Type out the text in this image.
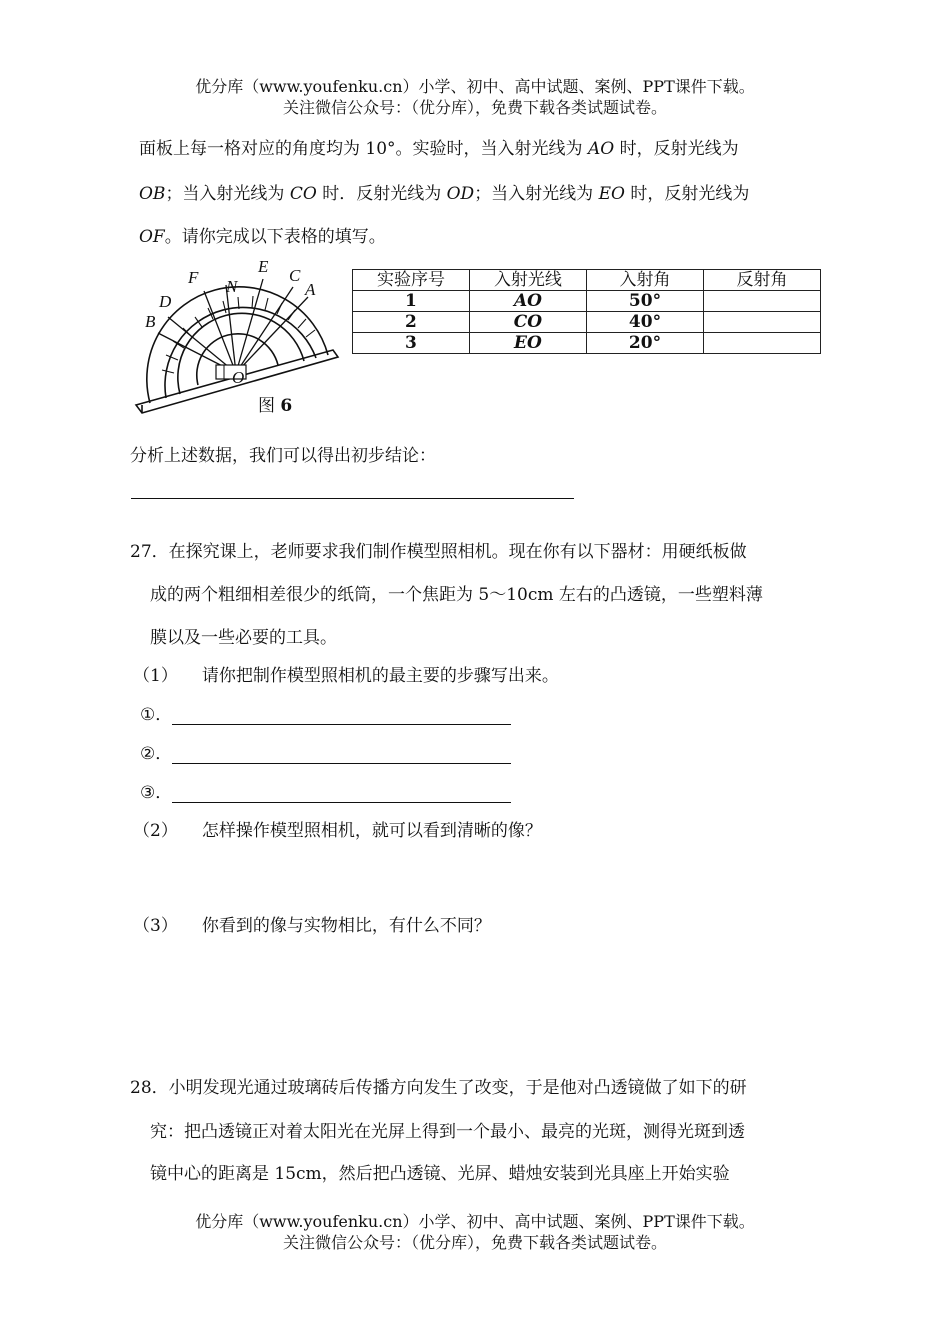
优分库（www.youfenku.cn）小学、初中、高中试题、案例、PPT课件下载。
关注微信公众号：（优分库），免费下载各类试题试卷。
面板上每一格对应的角度均为 10°。实验时，当入射光线为 AO 时，反射光线为
OB；当入射光线为 CO 时．反射光线为 OD；当入射光线为 EO 时，反射光线为
OF。请你完成以下表格的填写。
F
E C
D
N	A
B
O
图 6
实验序号	入射光线	入射角	反射角
1	AO	50°	
2	CO	40°	
3	EO	20°	
分析上述数据，我们可以得出初步结论：
27．在探究课上，老师要求我们制作模型照相机。现在你有以下器材：用硬纸板做
成的两个粗细相差很少的纸筒，一个焦距为 5～10cm 左右的凸透镜，一些塑料薄
膜以及一些必要的工具。
（1） 请你把制作模型照相机的最主要的步骤写出来。
①．
②．
③．
（2） 怎样操作模型照相机，就可以看到清晰的像？
（3） 你看到的像与实物相比，有什么不同？
28．小明发现光通过玻璃砖后传播方向发生了改变，于是他对凸透镜做了如下的研
究：把凸透镜正对着太阳光在光屏上得到一个最小、最亮的光斑，测得光斑到透
镜中心的距离是 15cm，然后把凸透镜、光屏、蜡烛安装到光具座上开始实验
优分库（www.youfenku.cn）小学、初中、高中试题、案例、PPT课件下载。
关注微信公众号：（优分库），免费下载各类试题试卷。
